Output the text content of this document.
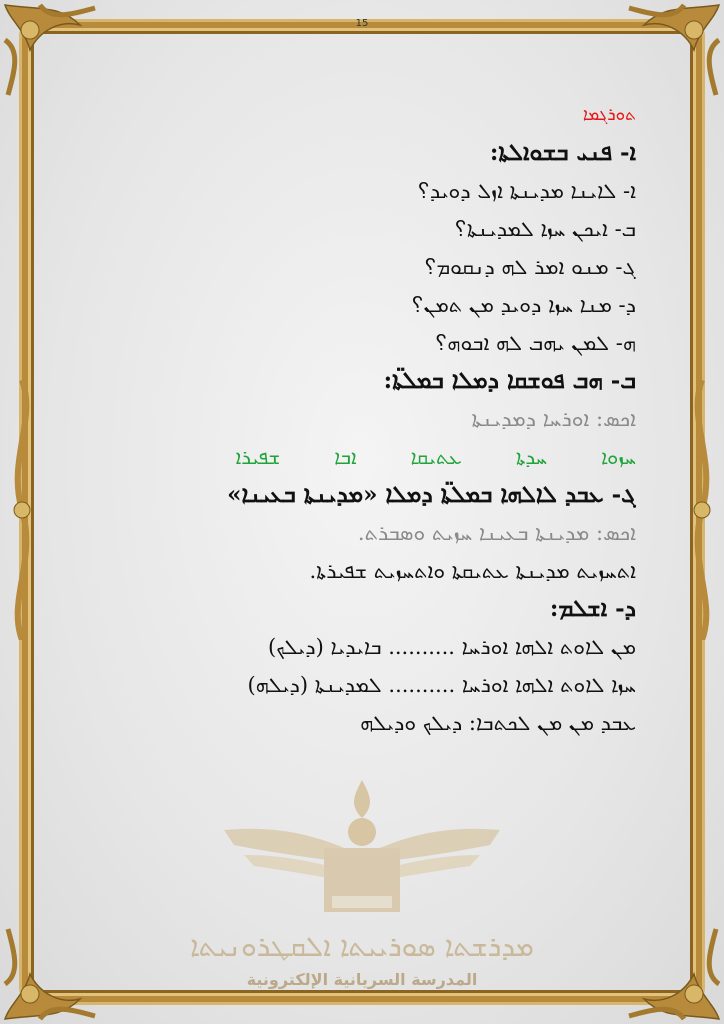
15
ܬܘܪܓܡܐ
ܐ- ܦܢܝ ܒܫܘܐܠܬܐ:
ܐ- ܠܐܝܢܐ ܡܕܝܢܬܐ ܐܙܠ ܕܘܝܕ؟
ܒ- ܐܝܟܢ ܚܙܐ ܠܡܕܝܢܬܐ؟
ܓ- ܡܢܘ ܐܡܪ ܠܗ ܕܢܩܘܡ؟
ܕ- ܡܢܐ ܚܙܐ ܕܘܝܕ ܡܢ ܬܡܢ؟
ܗ- ܠܡܢ ܝܗܒ ܠܗ ܐܒܘܗ؟
ܒ- ܗܒ ܦܘܫܩܐ ܕܡܠܐ ܒܡܠܬ̈ܐ:
ܐܟܣ: ܐܘܪܚܐ ܕܡܕܝܢܬܐ
ܚܙܘܐ
ܚܕܬܐ
ܥܬܝܩܐ
ܐܒܐ
ܫܦܝܪܐ
ܓ- ܥܒܕ ܠܐܠܗܐ ܒܡܠܬ̈ܐ ܕܡܠܐ «ܡܕܝܢܬܐ ܒܥܝܢܐ»
ܐܟܣ: ܡܕܝܢܬܐ ܒܥܝܢܐ ܚܙܝܬ ܘܣܒܪܬ.
ܐܬܚܙܝܬ ܡܕܝܢܬܐ ܥܬܝܩܬܐ ܘܐܬܚܙܝܬ ܫܦܝܪܬܐ.
ܕ- ܐܫܠܡ:
ܡܢ ܠܐܘܬ ܐܠܗܐ ܐܘܪܚܐ .......... ܒܐܝܕܝܐ (ܕܝܠܟ)
ܚܙܐ ܠܐܘܬ ܐܠܗܐ ܐܘܪܚܐ .......... ܠܡܕܝܢܬܐ (ܕܝܠܗ)
ܥܒܕ ܡܢ ܡܢ ܠܟܬܒܐ: ܕܝܠܟ ܘܕܝܠܗ
ܡܕܪܫܬܐ ܣܘܪܝܝܬܐ ܐܠܩܛܪܘܢܝܬܐ
المدرسة السريانية الإلكترونية
